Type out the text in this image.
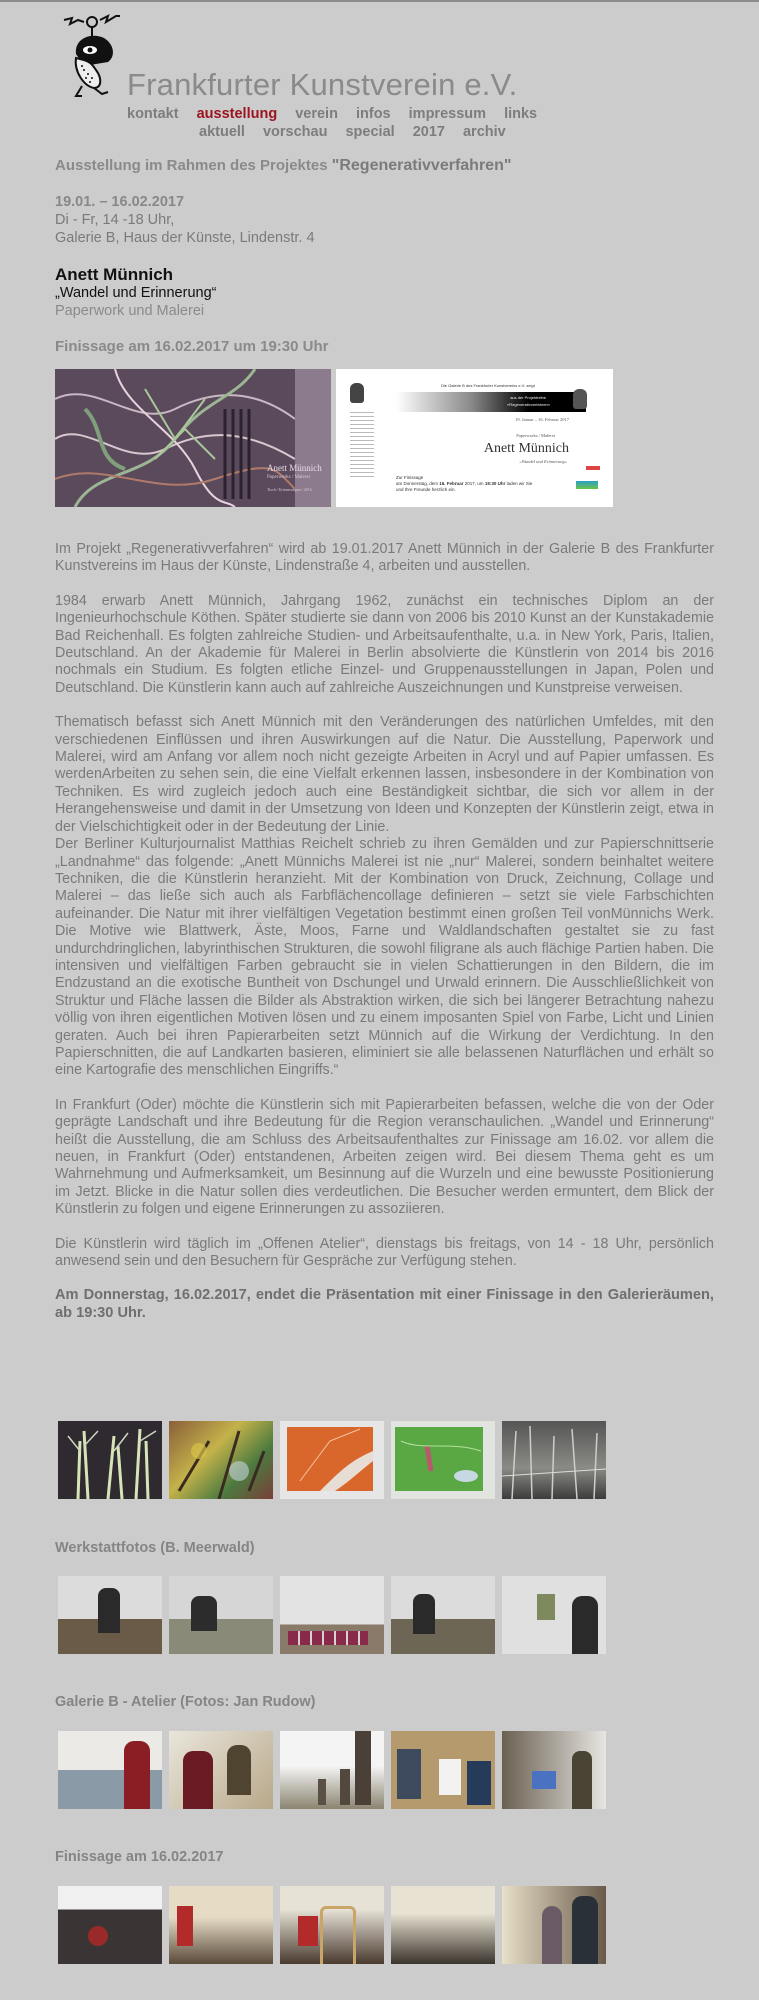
Frankfurter Kunstverein e.V.
kontakt ausstellung verein infos impressum links
aktuell vorschau special 2017 archiv
Ausstellung im Rahmen des Projektes "Regenerativverfahren"
19.01. – 16.02.2017
Di - Fr, 14 -18 Uhr,
Galerie B, Haus der Künste, Lindenstr. 4
Anett Münnich
„Wandel und Erinnerung“
Paperwork und Malerei
Finissage am 16.02.2017 um 19:30 Uhr
Anett Münnich
Paperworks / Malerei
Tisch / Erinnerungen / 2016
Die Galerie B des Frankfurter Kunstvereins e.V. zeigt
aus der Projektreihe
»Regenerativverfahren«
19. Januar – 16. Februar 2017
Paperworks / Malerei
Anett Münnich
»Wandel und Erinnerung«
Zur Finissage
am Donnerstag, dem 16. Februar 2017, um 19:30 Uhr laden wir Sie
und Ihre Freunde herzlich ein.

Im Projekt „Regenerativverfahren“ wird ab 19.01.2017 Anett Münnich in der Galerie B des Frankfurter Kunstvereins im Haus der Künste, Lindenstraße 4, arbeiten und ausstellen.

1984 erwarb Anett Münnich, Jahrgang 1962, zunächst ein technisches Diplom an der Ingenieurhochschule Köthen. Später studierte sie dann von 2006 bis 2010 Kunst an der Kunstakademie Bad Reichenhall. Es folgten zahlreiche Studien- und Arbeitsaufenthalte, u.a. in New York, Paris, Italien, Deutschland. An der Akademie für Malerei in Berlin absolvierte die Künstlerin von 2014 bis 2016 nochmals ein Studium. Es folgten etliche Einzel- und Gruppenausstellungen in Japan, Polen und Deutschland. Die Künstlerin kann auch auf zahlreiche Auszeichnungen und Kunstpreise verweisen.

Thematisch befasst sich Anett Münnich mit den Veränderungen des natürlichen Umfeldes, mit den verschiedenen Einflüssen und ihren Auswirkungen auf die Natur. Die Ausstellung, Paperwork und Malerei, wird am Anfang vor allem noch nicht gezeigte Arbeiten in Acryl und auf Papier umfassen. Es werdenArbeiten zu sehen sein, die eine Vielfalt erkennen lassen, insbesondere in der Kombination von Techniken. Es wird zugleich jedoch auch eine Beständigkeit sichtbar, die sich vor allem in der Herangehensweise und damit in der Umsetzung von Ideen und Konzepten der Künstlerin zeigt, etwa in der Vielschichtigkeit oder in der Bedeutung der Linie.

Der Berliner Kulturjournalist Matthias Reichelt schrieb zu ihren Gemälden und zur Papierschnittserie „Landnahme“ das folgende: „Anett Münnichs Malerei ist nie „nur“ Malerei, sondern beinhaltet weitere Techniken, die die Künstlerin heranzieht. Mit der Kombination von Druck, Zeichnung, Collage und Malerei – das ließe sich auch als Farbflächencollage definieren – setzt sie viele Farbschichten aufeinander. Die Natur mit ihrer vielfältigen Vegetation bestimmt einen großen Teil vonMünnichs Werk. Die Motive wie Blattwerk, Äste, Moos, Farne und Waldlandschaften gestaltet sie zu fast undurchdringlichen, labyrinthischen Strukturen, die sowohl filigrane als auch flächige Partien haben. Die intensiven und vielfältigen Farben gebraucht sie in vielen Schattierungen in den Bildern, die im Endzustand an die exotische Buntheit von Dschungel und Urwald erinnern. Die Ausschließlichkeit von Struktur und Fläche lassen die Bilder als Abstraktion wirken, die sich bei längerer Betrachtung nahezu völlig von ihren eigentlichen Motiven lösen und zu einem imposanten Spiel von Farbe, Licht und Linien geraten. Auch bei ihren Papierarbeiten setzt Münnich auf die Wirkung der Verdichtung. In den Papierschnitten, die auf Landkarten basieren, eliminiert sie alle belassenen Naturflächen und erhält so eine Kartografie des menschlichen Eingriffs.“

In Frankfurt (Oder) möchte die Künstlerin sich mit Papierarbeiten befassen, welche die von der Oder geprägte Landschaft und ihre Bedeutung für die Region veranschaulichen. „Wandel und Erinnerung“ heißt die Ausstellung, die am Schluss des Arbeitsaufenthaltes zur Finissage am 16.02. vor allem die neuen, in Frankfurt (Oder) entstandenen, Arbeiten zeigen wird. Bei diesem Thema geht es um Wahrnehmung und Aufmerksamkeit, um Besinnung auf die Wurzeln und eine bewusste Positionierung im Jetzt. Blicke in die Natur sollen dies verdeutlichen. Die Besucher werden ermuntert, dem Blick der Künstlerin zu folgen und eigene Erinnerungen zu assoziieren.

Die Künstlerin wird täglich im „Offenen Atelier“, dienstags bis freitags, von 14 - 18 Uhr, persönlich anwesend sein und den Besuchern für Gespräche zur Verfügung stehen.

Am Donnerstag, 16.02.2017, endet die Präsentation mit einer Finissage in den Galerieräumen, ab 19:30 Uhr.

Werkstattfotos (B. Meerwald)
Galerie B - Atelier (Fotos: Jan Rudow)
Finissage am 16.02.2017
